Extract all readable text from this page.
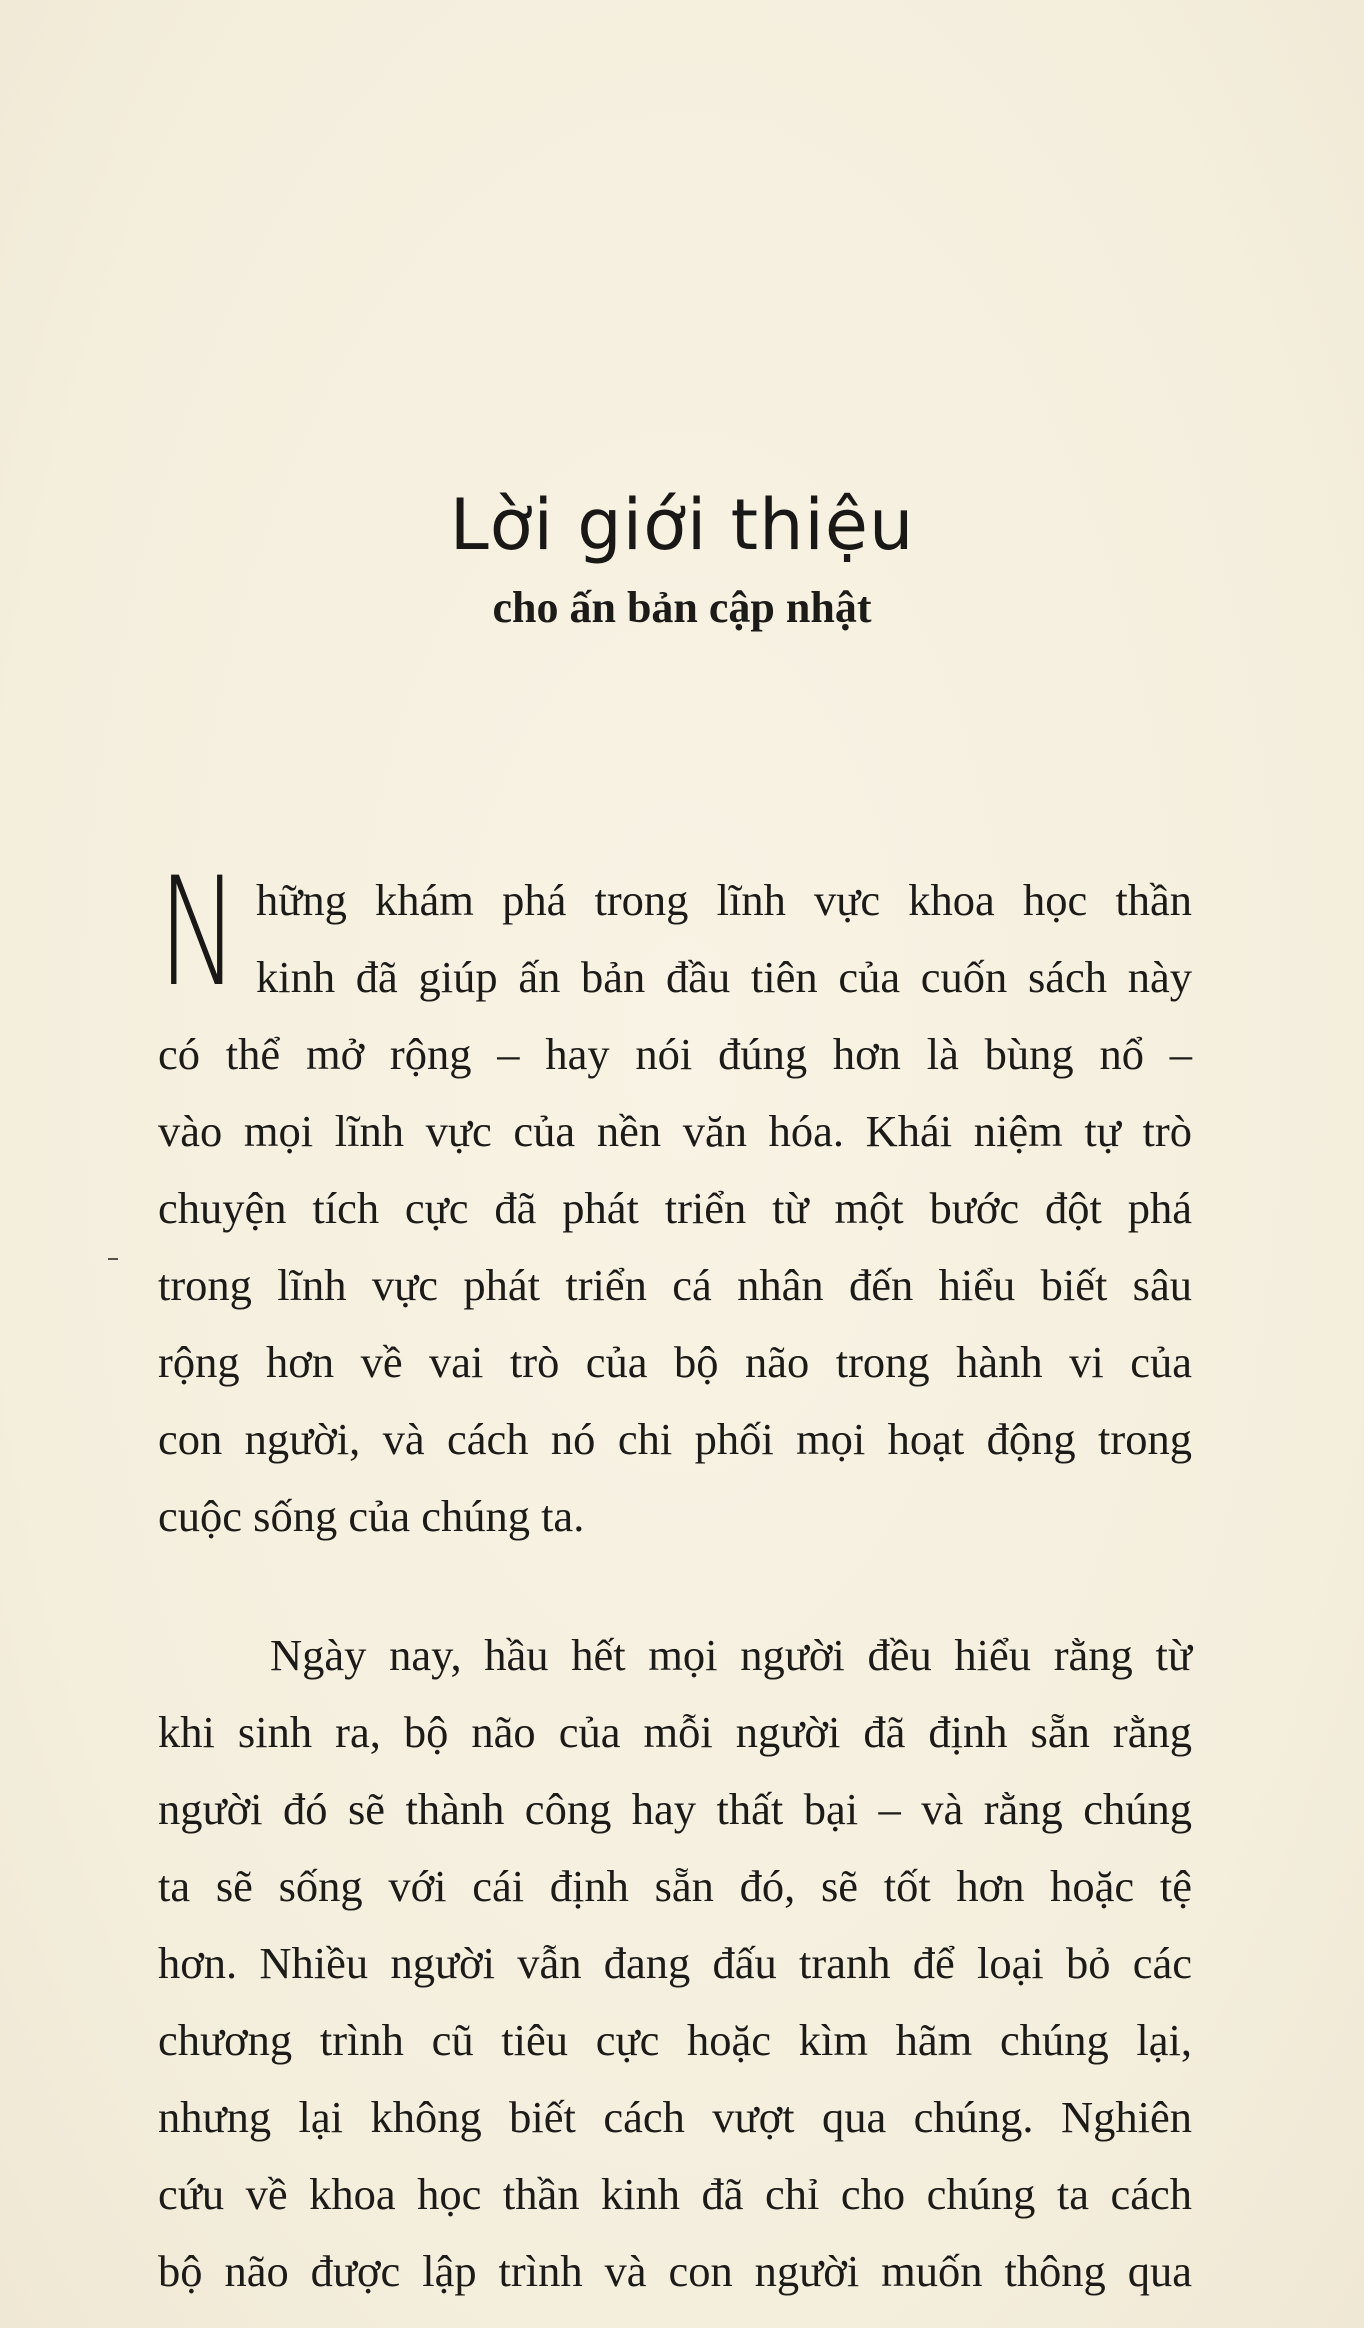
Lời giới thiệu
cho ấn bản cập nhật
N hững khám phá trong lĩnh vực khoa học thần
kinh đã giúp ấn bản đầu tiên của cuốn sách này
có thể mở rộng – hay nói đúng hơn là bùng nổ –
vào mọi lĩnh vực của nền văn hóa. Khái niệm tự trò
chuyện tích cực đã phát triển từ một bước đột phá
trong lĩnh vực phát triển cá nhân đến hiểu biết sâu
rộng hơn về vai trò của bộ não trong hành vi của
con người, và cách nó chi phối mọi hoạt động trong
cuộc sống của chúng ta.
Ngày nay, hầu hết mọi người đều hiểu rằng từ
khi sinh ra, bộ não của mỗi người đã định sẵn rằng
người đó sẽ thành công hay thất bại – và rằng chúng
ta sẽ sống với cái định sẵn đó, sẽ tốt hơn hoặc tệ
hơn. Nhiều người vẫn đang đấu tranh để loại bỏ các
chương trình cũ tiêu cực hoặc kìm hãm chúng lại,
nhưng lại không biết cách vượt qua chúng. Nghiên
cứu về khoa học thần kinh đã chỉ cho chúng ta cách
bộ não được lập trình và con người muốn thông qua
